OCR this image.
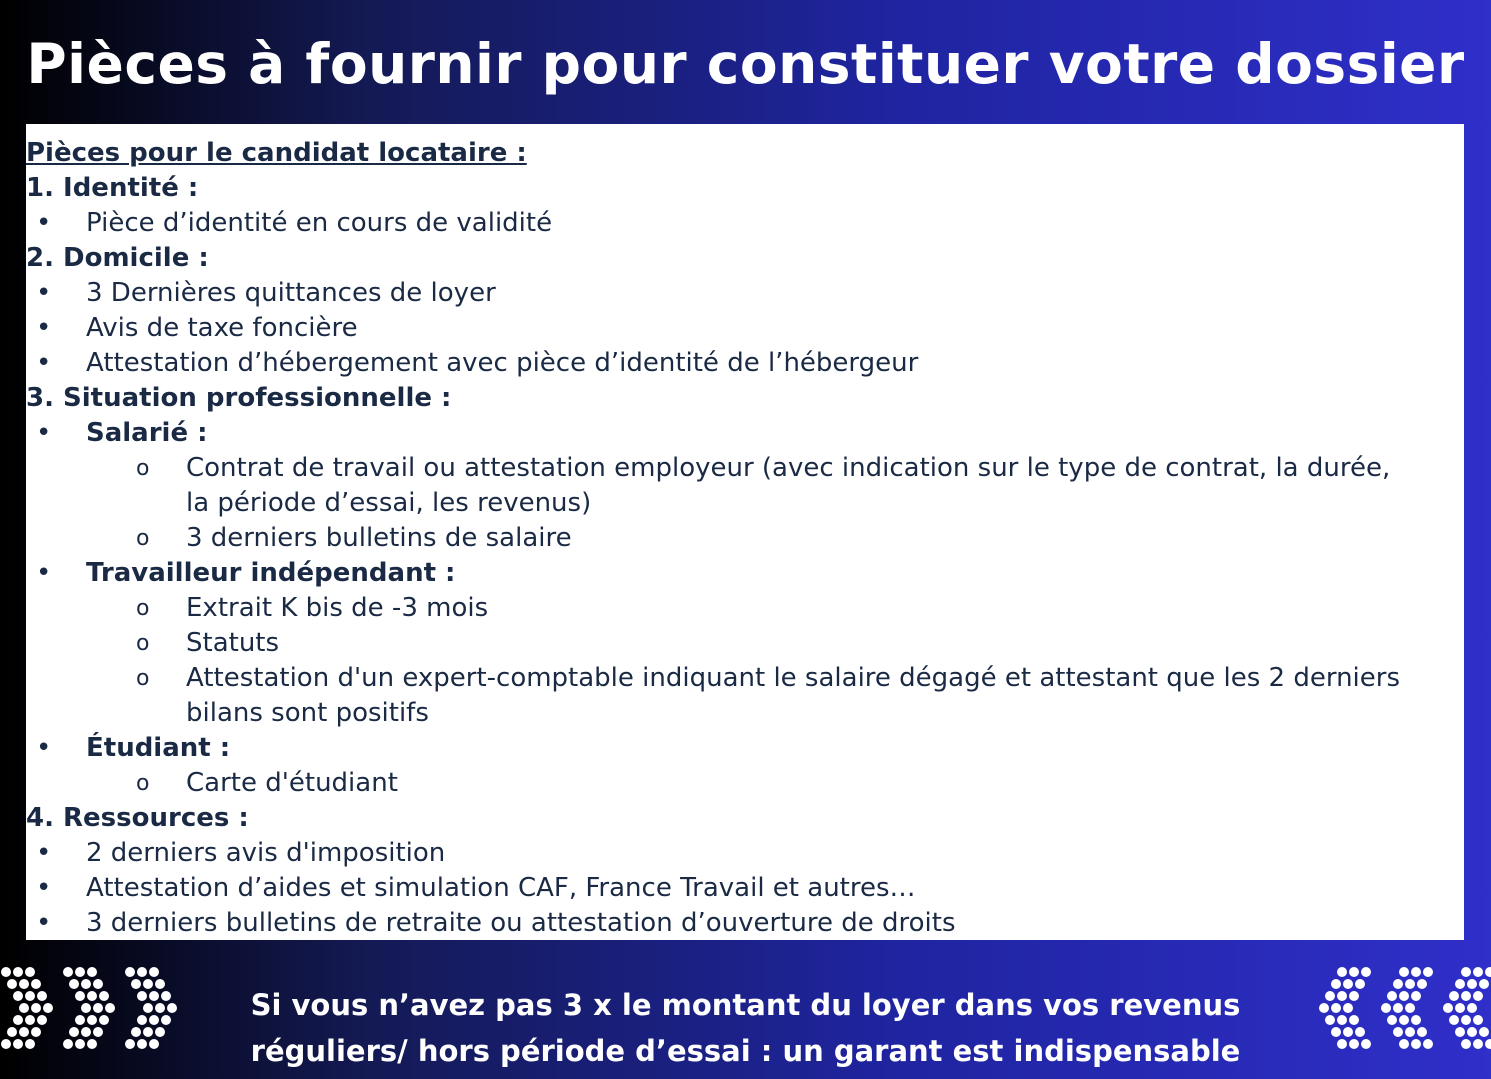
Pièces à fournir pour constituer votre dossier
Pièces pour le candidat locataire :
1. Identité :
• Pièce d’identité en cours de validité
2. Domicile :
• 3 Dernières quittances de loyer
• Avis de taxe foncière
• Attestation d’hébergement avec pièce d’identité de l’hébergeur
3. Situation professionnelle :
• Salarié :
o Contrat de travail ou attestation employeur (avec indication sur le type de contrat, la durée,
la période d’essai, les revenus)
o 3 derniers bulletins de salaire
• Travailleur indépendant :
o Extrait K bis de -3 mois
o Statuts
o Attestation d'un expert-comptable indiquant le salaire dégagé et attestant que les 2 derniers
bilans sont positifs
• Étudiant :
o Carte d'étudiant
4. Ressources :
• 2 derniers avis d'imposition
• Attestation d’aides et simulation CAF, France Travail et autres…
• 3 derniers bulletins de retraite ou attestation d’ouverture de droits
Si vous n’avez pas 3 x le montant du loyer dans vos revenus
réguliers/ hors période d’essai : un garant est indispensable
